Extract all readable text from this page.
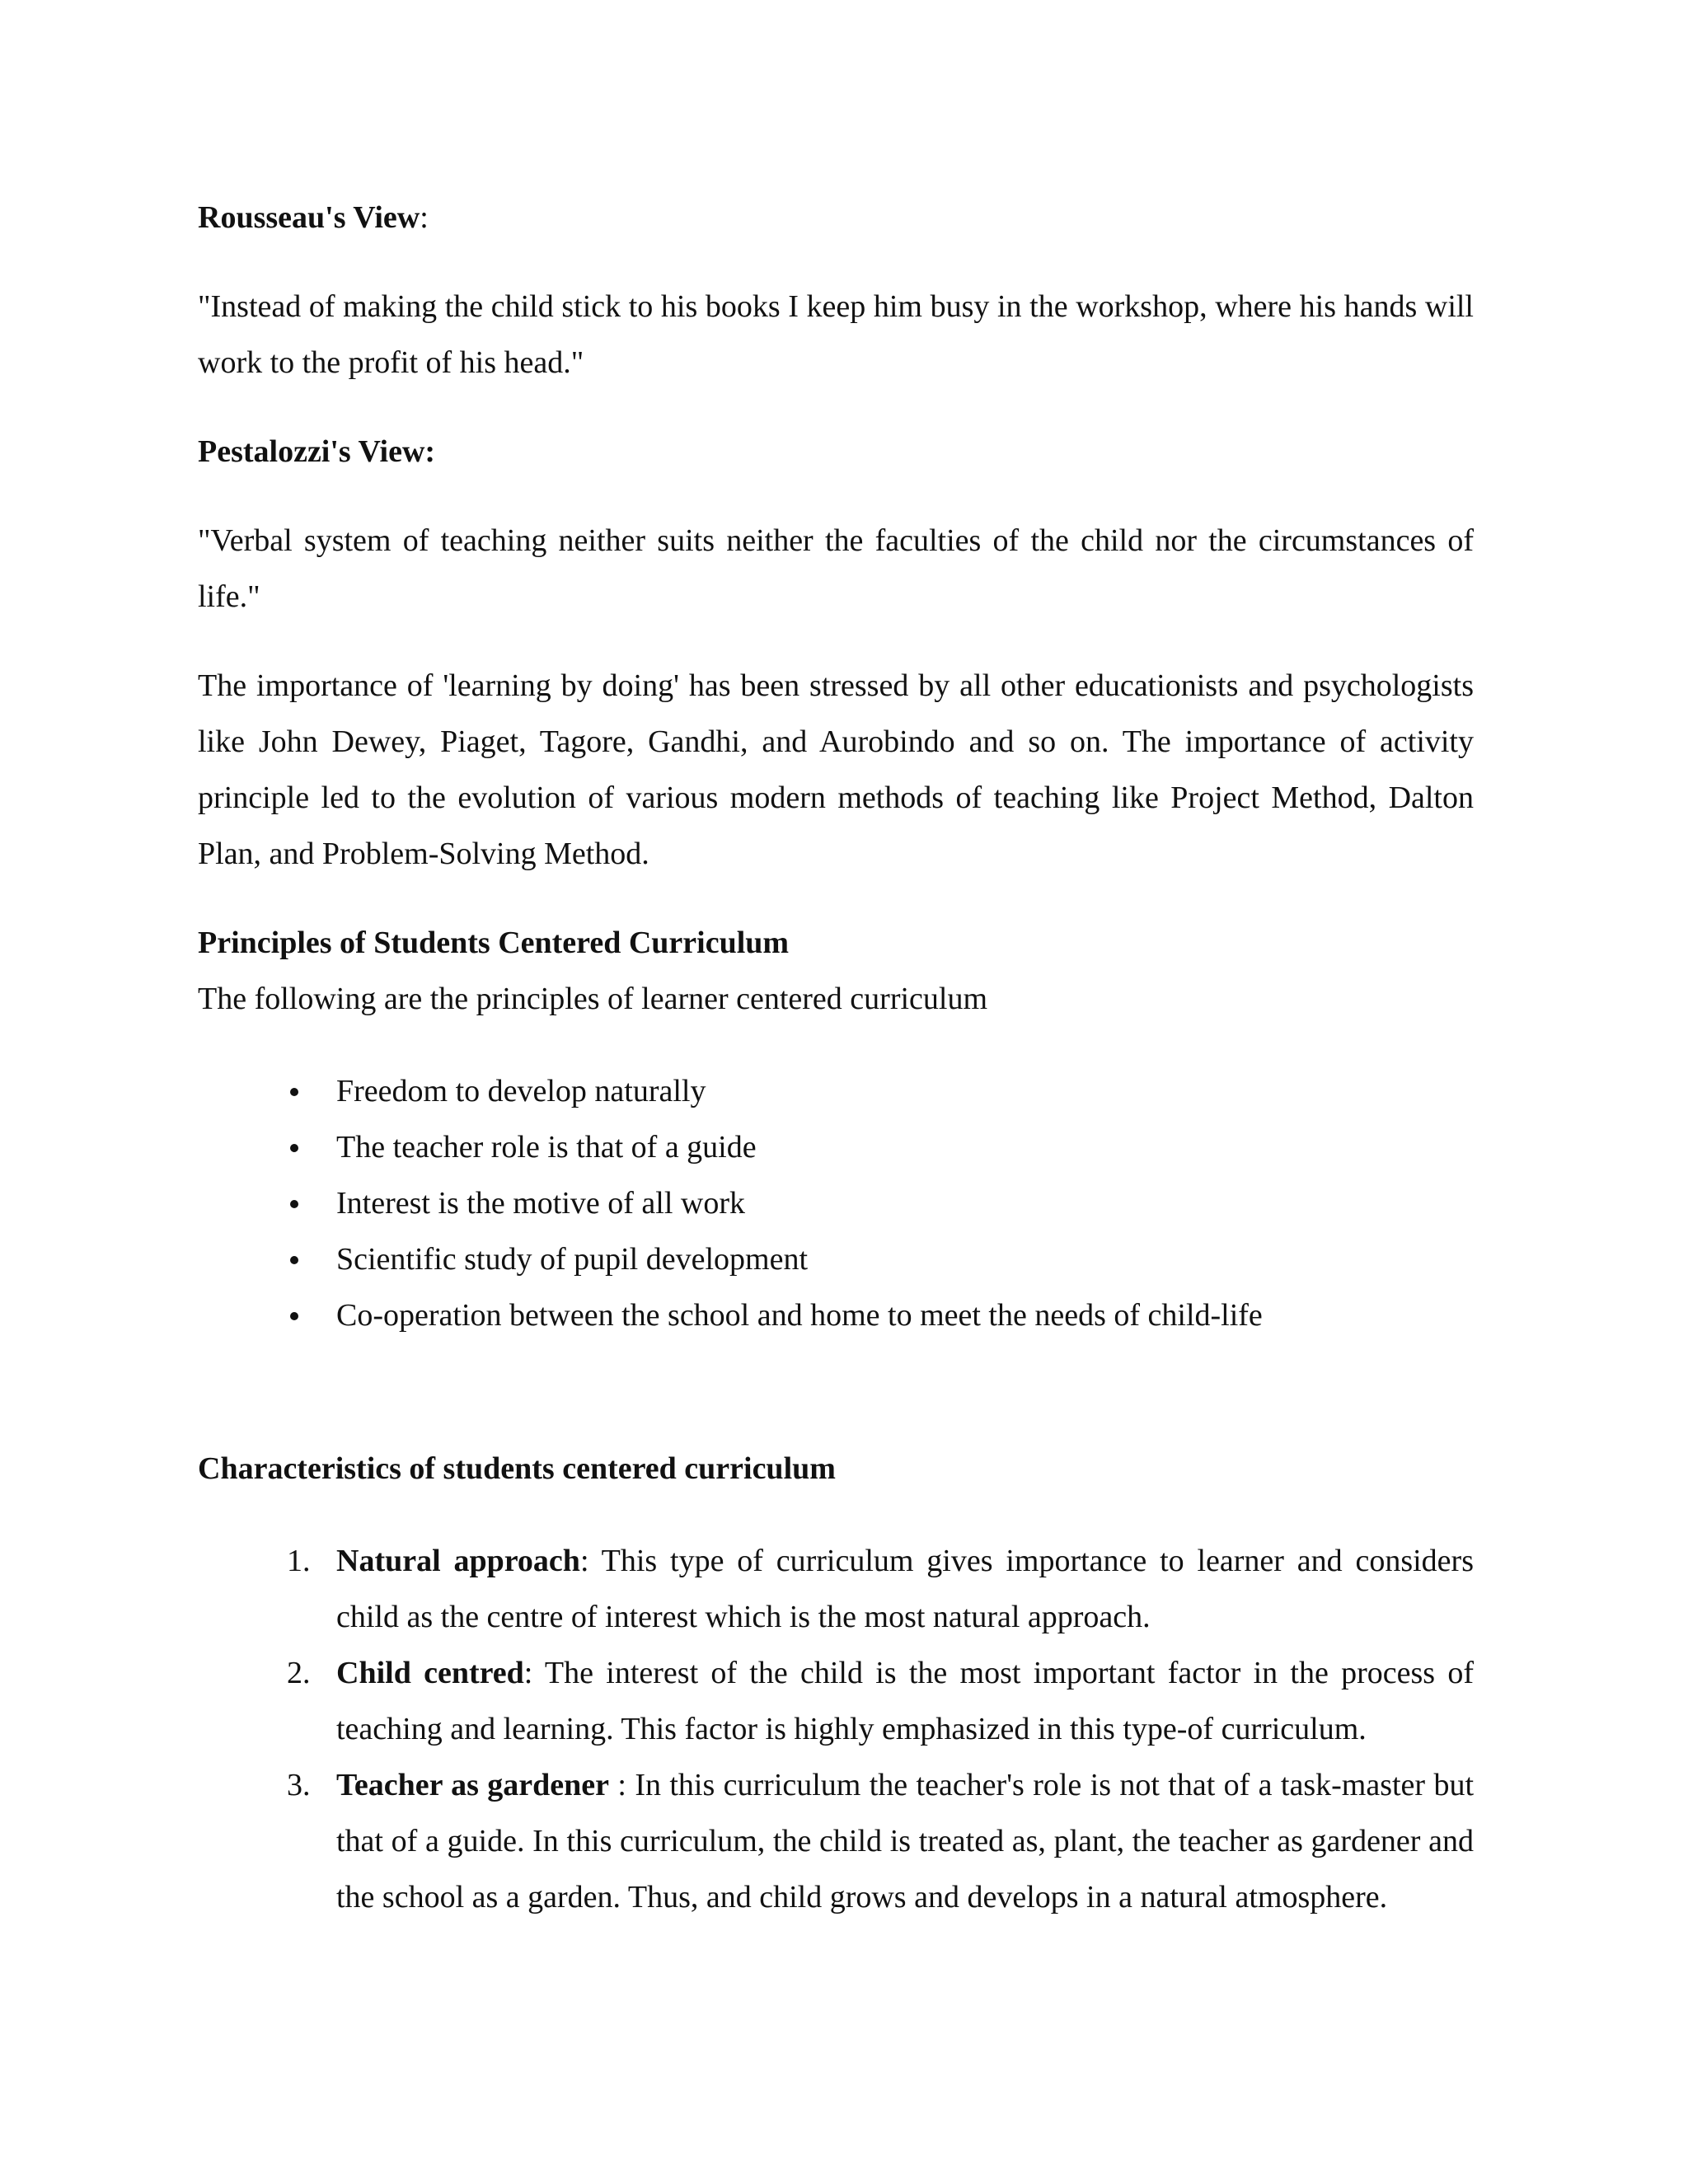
Rousseau's View:

"Instead of making the child stick to his books I keep him busy in the workshop, where his hands will work to the profit of his head."

Pestalozzi's View:

"Verbal system of teaching neither suits neither the faculties of the child nor the circumstances of life."

The importance of 'learning by doing' has been stressed by all other educationists and psychologists like John Dewey, Piaget, Tagore, Gandhi, and Aurobindo and so on. The importance of activity principle led to the evolution of various modern methods of teaching like Project Method, Dalton Plan, and Problem-Solving Method.

Principles of Students Centered Curriculum

The following are the principles of learner centered curriculum

Freedom to develop naturally
The teacher role is that of a guide
Interest is the motive of all work
Scientific study of pupil development
Co-operation between the school and home to meet the needs of child-life

Characteristics of students centered curriculum

1. Natural approach: This type of curriculum gives importance to learner and considers child as the centre of interest which is the most natural approach.
2. Child centred: The interest of the child is the most important factor in the process of teaching and learning. This factor is highly emphasized in this type-of curriculum.
3. Teacher as gardener : In this curriculum the teacher's role is not that of a task-master but that of a guide. In this curriculum, the child is treated as, plant, the teacher as gardener and the school as a garden. Thus, and child grows and develops in a natural atmosphere.
